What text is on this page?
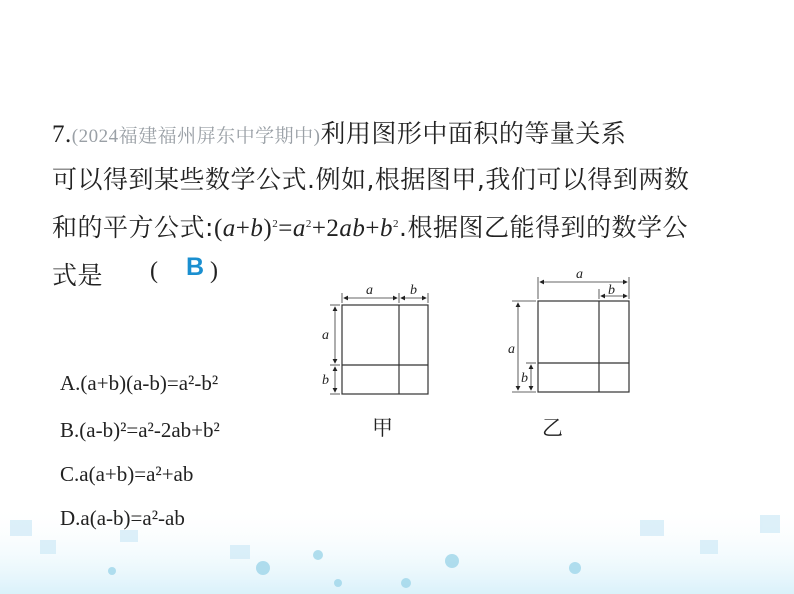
7.(2024福建福州屏东中学期中)利用图形中面积的等量关系
可以得到某些数学公式.例如,根据图甲,我们可以得到两数
和的平方公式$:(a+b)^2=a^2+2ab+b^2$.根据图乙能得到的数学公
式是 ( B )
A.(a+b)(a-b)=a²-b²
B.(a-b)²=a²-2ab+b²
C.a(a+b)=a²+ab
D.a(a-b)=a²-ab
a	b
a
b
甲
a
b
a
b
乙
